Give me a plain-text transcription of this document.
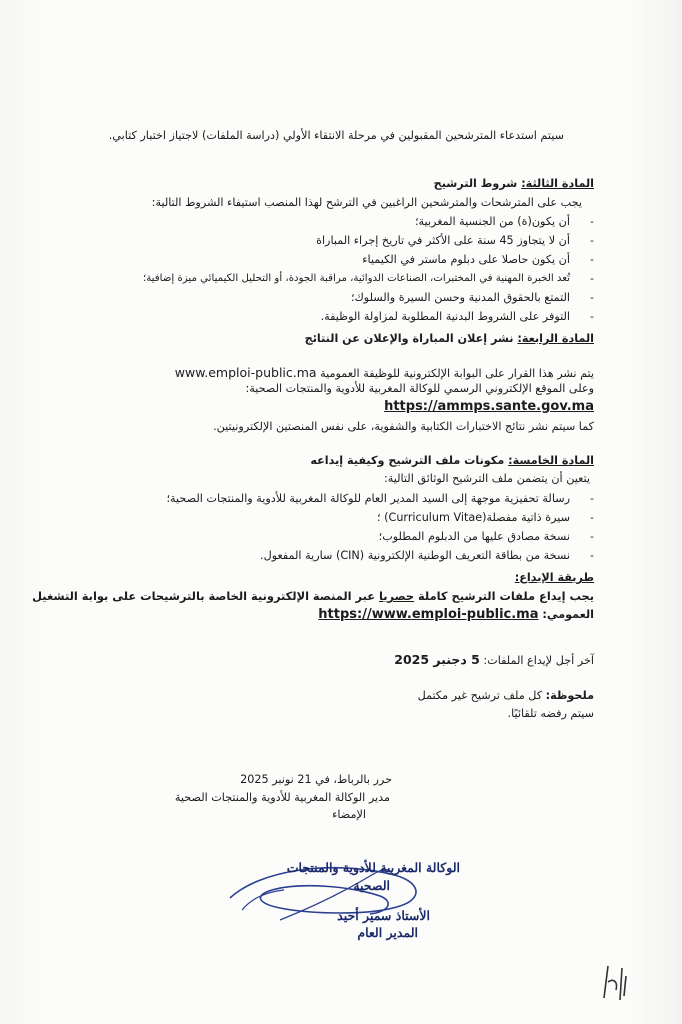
سيتم استدعاء المترشحين المقبولين في مرحلة الانتقاء الأولي (دراسة الملفات) لاجتياز اختبار كتابي.
المادة الثالثة: شروط الترشيح
يجب على المترشحات والمترشحين الراغبين في الترشح لهذا المنصب استيفاء الشروط التالية:
-
أن يكون(ة) من الجنسية المغربية؛
-
أن لا يتجاوز 45 سنة على الأكثر في تاريخ إجراء المباراة
-
أن يكون حاصلا على دبلوم ماستر في الكيمياء
-
تُعد الخبرة المهنية في المختبرات، الصناعات الدوائية، مراقبة الجودة، أو التحليل الكيميائي ميزة إضافية؛
-
التمتع بالحقوق المدنية وحسن السيرة والسلوك؛
-
التوفر على الشروط البدنية المطلوبة لمزاولة الوظيفة.
المادة الرابعة: نشر إعلان المباراة والإعلان عن النتائج
يتم نشر هذا القرار على البوابة الإلكترونية للوظيفة العمومية www.emploi-public.ma
وعلى الموقع الإلكتروني الرسمي للوكالة المغربية للأدوية والمنتجات الصحية:
https://ammps.sante.gov.ma
كما سيتم نشر نتائج الاختبارات الكتابية والشفوية، على نفس المنصتين الإلكترونيتين.
المادة الخامسة: مكونات ملف الترشيح وكيفية إيداعه
يتعين أن يتضمن ملف الترشيح الوثائق التالية:
-
رسالة تحفيزية موجهة إلى السيد المدير العام للوكالة المغربية للأدوية والمنتجات الصحية؛
-
سيرة ذاتية مفصلة(Curriculum Vitae) ؛
-
نسخة مصادق عليها من الدبلوم المطلوب؛
-
نسخة من بطاقة التعريف الوطنية الإلكترونية (CIN) سارية المفعول.
طريقة الإيداع:
يجب إيداع ملفات الترشيح كاملة حصريا عبر المنصة الإلكترونية الخاصة بالترشيحات على بوابة التشغيل
العمومي: https://www.emploi-public.ma
آخر أجل لإيداع الملفات: 5 دجنبر 2025
ملحوظة: كل ملف ترشيح غير مكتمل
سيتم رفضه تلقائيًا.
حرر بالرباط، في 21 نونبر 2025
مدير الوكالة المغربية للأدوية والمنتجات الصحية
الإمضاء
الوكالة المغربية للأدوية والمنتجات
الصحية
الأستاذ سمير أحيد
المدير العام
